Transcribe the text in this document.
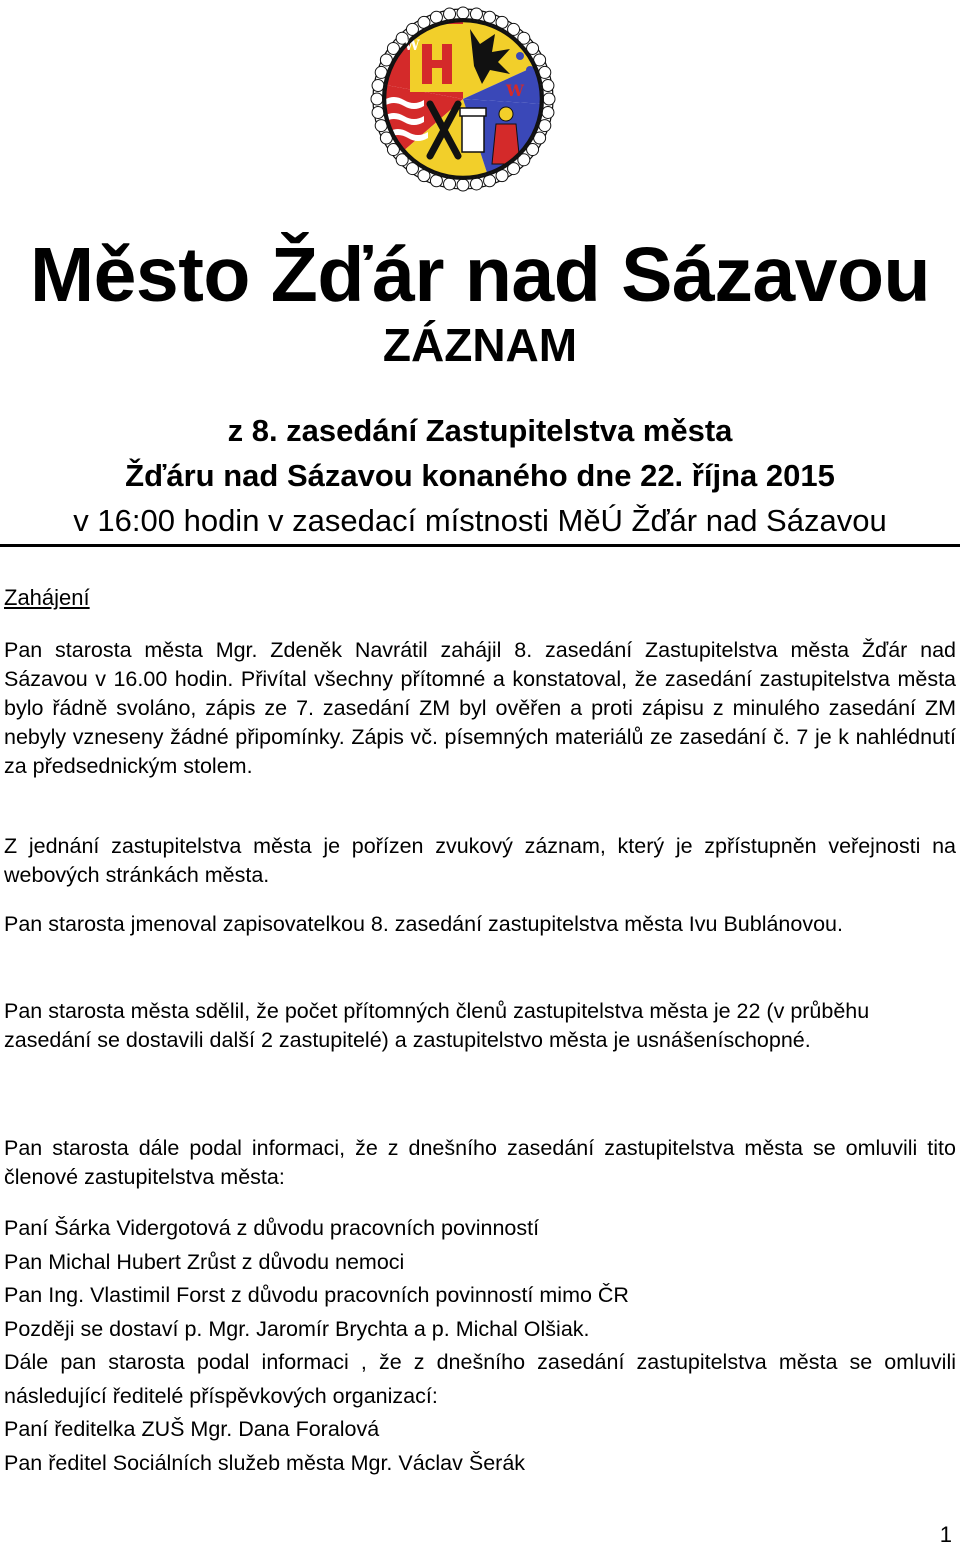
W
W
Město Žďár nad Sázavou
ZÁZNAM
z 8. zasedání Zastupitelstva města
Žďáru nad Sázavou konaného dne 22. října 2015
v 16:00 hodin v zasedací místnosti MěÚ Žďár nad Sázavou

Zahájení

Pan starosta města Mgr. Zdeněk Navrátil zahájil 8. zasedání Zastupitelstva města Žďár nad Sázavou v 16.00 hodin. Přivítal všechny přítomné a konstatoval, že zasedání zastupitelstva města bylo řádně svoláno, zápis ze 7. zasedání ZM byl ověřen a proti zápisu z minulého zasedání ZM nebyly vzneseny žádné připomínky. Zápis vč. písemných materiálů ze zasedání č. 7 je k nahlédnutí za předsednickým stolem.

Z jednání zastupitelstva města je pořízen zvukový záznam, který je zpřístupněn veřejnosti na webových stránkách města.

Pan starosta jmenoval zapisovatelkou 8. zasedání zastupitelstva města Ivu Bublánovou.

Pan starosta města sdělil, že počet přítomných členů zastupitelstva města je 22 (v průběhu zasedání se dostavili další 2 zastupitelé) a zastupitelstvo města je usnášeníschopné.

Pan starosta dále podal informaci, že z dnešního zasedání zastupitelstva města se omluvili tito členové zastupitelstva města:

Paní Šárka Vidergotová z důvodu pracovních povinností
Pan Michal Hubert Zrůst z důvodu nemoci
Pan Ing. Vlastimil Forst z důvodu pracovních povinností mimo ČR
Později se dostaví p. Mgr. Jaromír Brychta a p. Michal Olšiak.
Dále pan starosta podal informaci , že z dnešního zasedání zastupitelstva města se omluvili následující ředitelé příspěvkových organizací:
Paní ředitelka ZUŠ Mgr. Dana Foralová
Pan ředitel Sociálních služeb města Mgr. Václav Šerák
1
